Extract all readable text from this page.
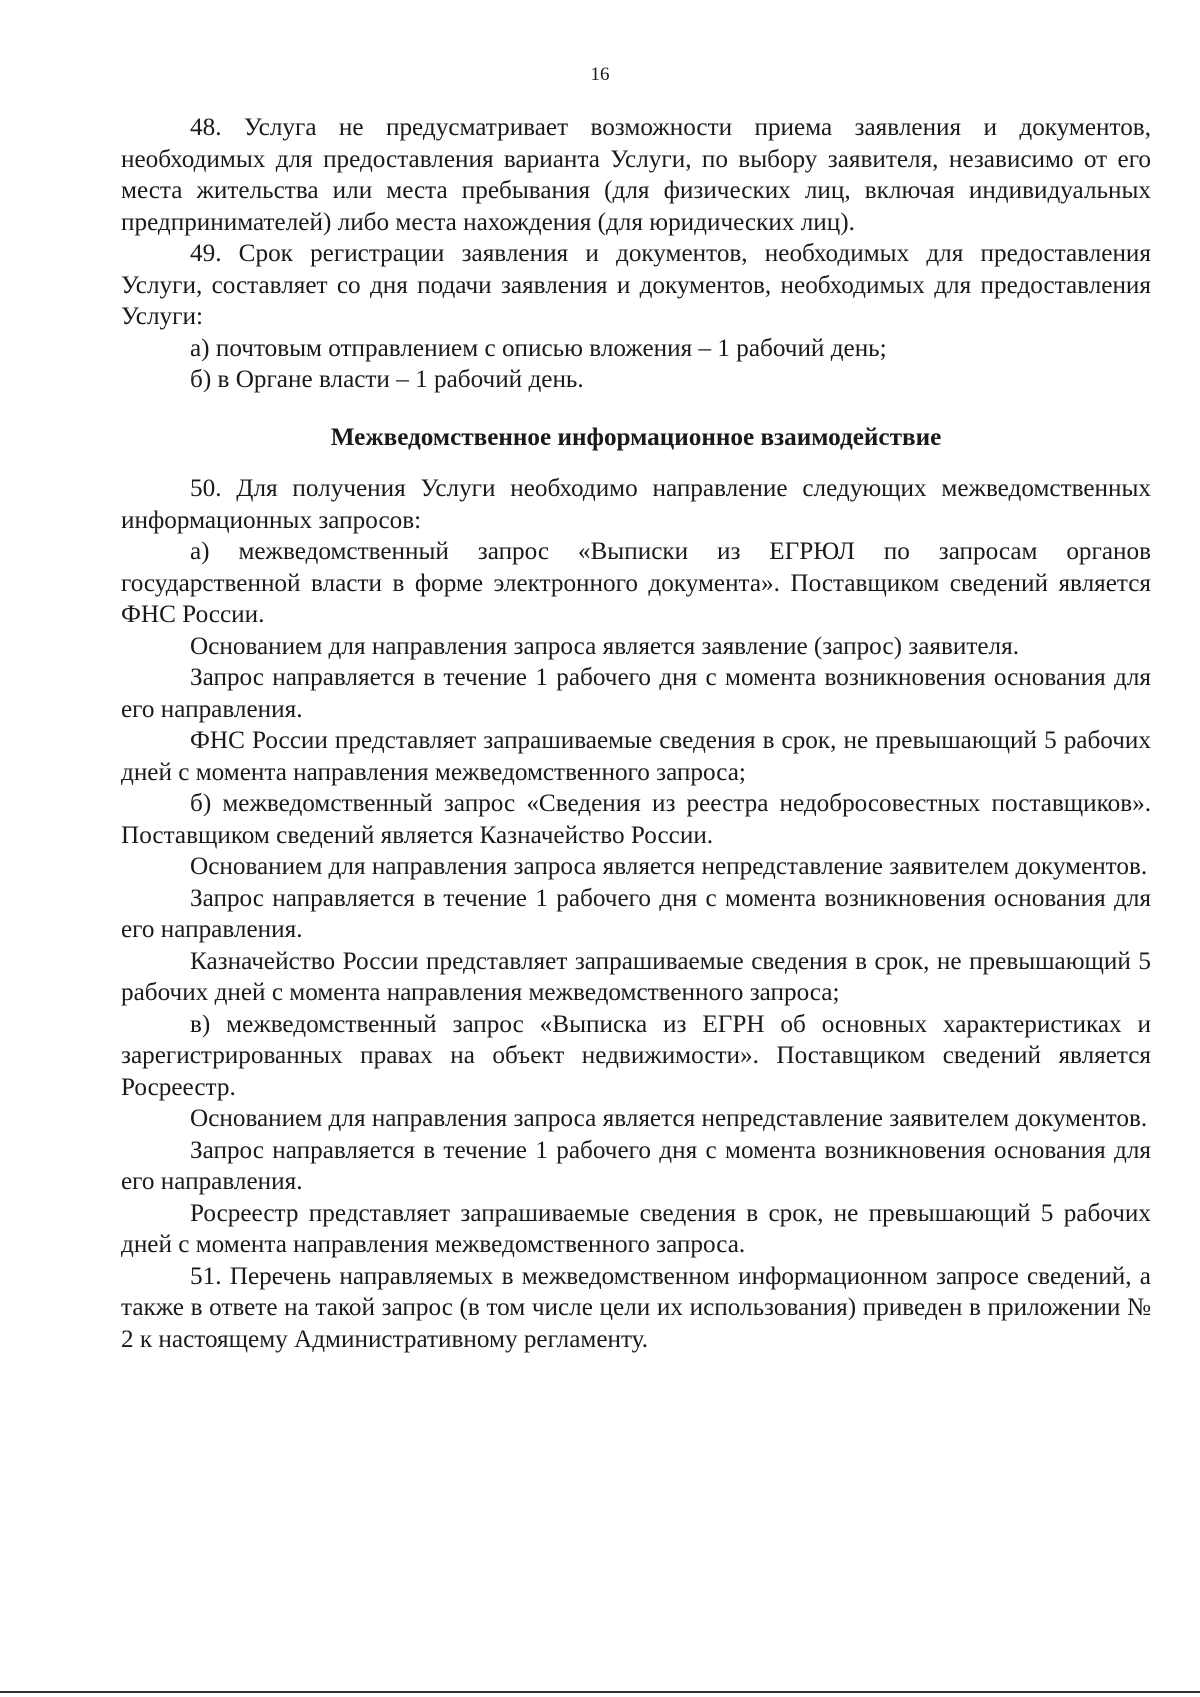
16

48. Услуга не предусматривает возможности приема заявления и документов, необходимых для предоставления варианта Услуги, по выбору заявителя, независимо от его места жительства или места пребывания (для физических лиц, включая индивидуальных предпринимателей) либо места нахождения (для юридических лиц).

49. Срок регистрации заявления и документов, необходимых для предоставления Услуги, составляет со дня подачи заявления и документов, необходимых для предоставления Услуги:

а) почтовым отправлением с описью вложения – 1 рабочий день;

б) в Органе власти – 1 рабочий день.

Межведомственное информационное взаимодействие

50. Для получения Услуги необходимо направление следующих межведомственных информационных запросов:

а) межведомственный запрос «Выписки из ЕГРЮЛ по запросам органов государственной власти в форме электронного документа». Поставщиком сведений является ФНС России.

Основанием для направления запроса является заявление (запрос) заявителя.

Запрос направляется в течение 1 рабочего дня с момента возникновения основания для его направления.

ФНС России представляет запрашиваемые сведения в срок, не превышающий 5 рабочих дней с момента направления межведомственного запроса;

б) межведомственный запрос «Сведения из реестра недобросовестных поставщиков». Поставщиком сведений является Казначейство России.

Основанием для направления запроса является непредставление заявителем документов.

Запрос направляется в течение 1 рабочего дня с момента возникновения основания для его направления.

Казначейство России представляет запрашиваемые сведения в срок, не превышающий 5 рабочих дней с момента направления межведомственного запроса;

в) межведомственный запрос «Выписка из ЕГРН об основных характеристиках и зарегистрированных правах на объект недвижимости». Поставщиком сведений является Росреестр.

Основанием для направления запроса является непредставление заявителем документов.

Запрос направляется в течение 1 рабочего дня с момента возникновения основания для его направления.

Росреестр представляет запрашиваемые сведения в срок, не превышающий 5 рабочих дней с момента направления межведомственного запроса.

51. Перечень направляемых в межведомственном информационном запросе сведений, а также в ответе на такой запрос (в том числе цели их использования) приведен в приложении № 2 к настоящему Административному регламенту.
